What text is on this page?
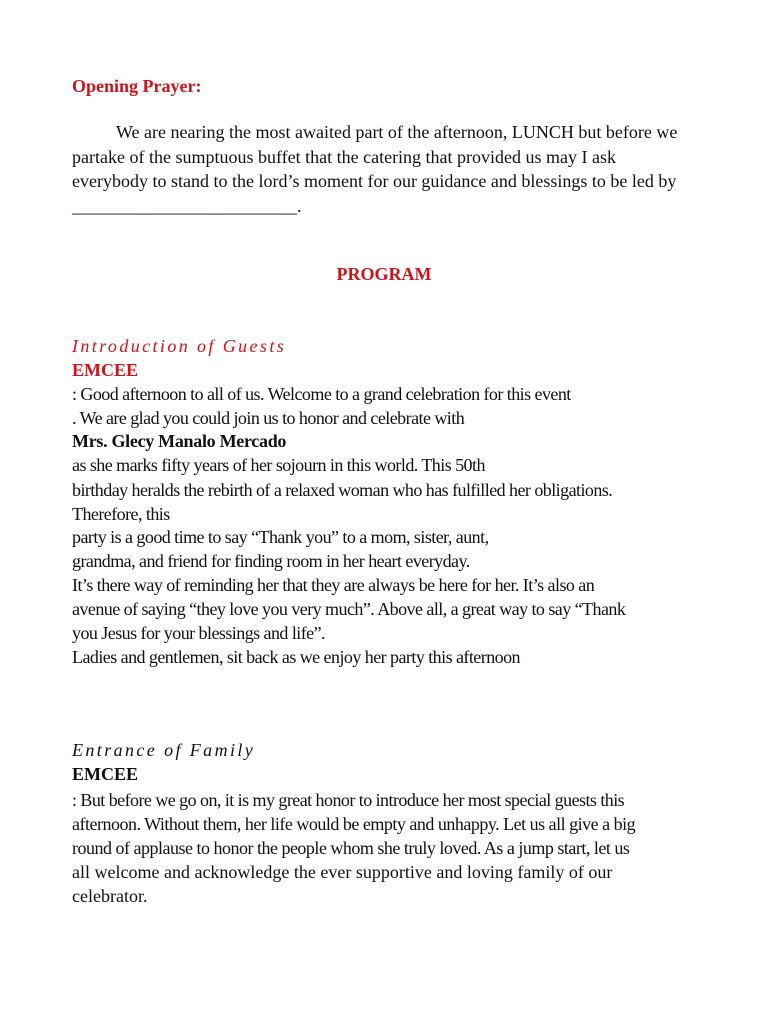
Opening Prayer:

We are nearing the most awaited part of the afternoon, LUNCH but before we partake of the sumptuous buffet that the catering that provided us may I ask everybody to stand to the lord’s moment for our guidance and blessings to be led by _________________________.

PROGRAM
Introduction of Guests
EMCEE
: Good afternoon to all of us. Welcome to a grand celebration for this event
. We are glad you could join us to honor and celebrate with
Mrs. Glecy Manalo Mercado
as she marks fifty years of her sojourn in this world. This 50th
birthday heralds the rebirth of a relaxed woman who has fulfilled her obligations.
Therefore, this
party is a good time to say “Thank you” to a mom, sister, aunt,
grandma, and friend for finding room in her heart everyday.
It’s there way of reminding her that they are always be here for her. It’s also an
avenue of saying “they love you very much”. Above all, a great way to say “Thank
you Jesus for your blessings and life”.
Ladies and gentlemen, sit back as we enjoy her party this afternoon
Entrance of Family
EMCEE
: But before we go on, it is my great honor to introduce her most special guests this
afternoon. Without them, her life would be empty and unhappy. Let us all give a big
round of applause to honor the people whom she truly loved. As a jump start, let us
all welcome and acknowledge the ever supportive and loving family of our
celebrator.
